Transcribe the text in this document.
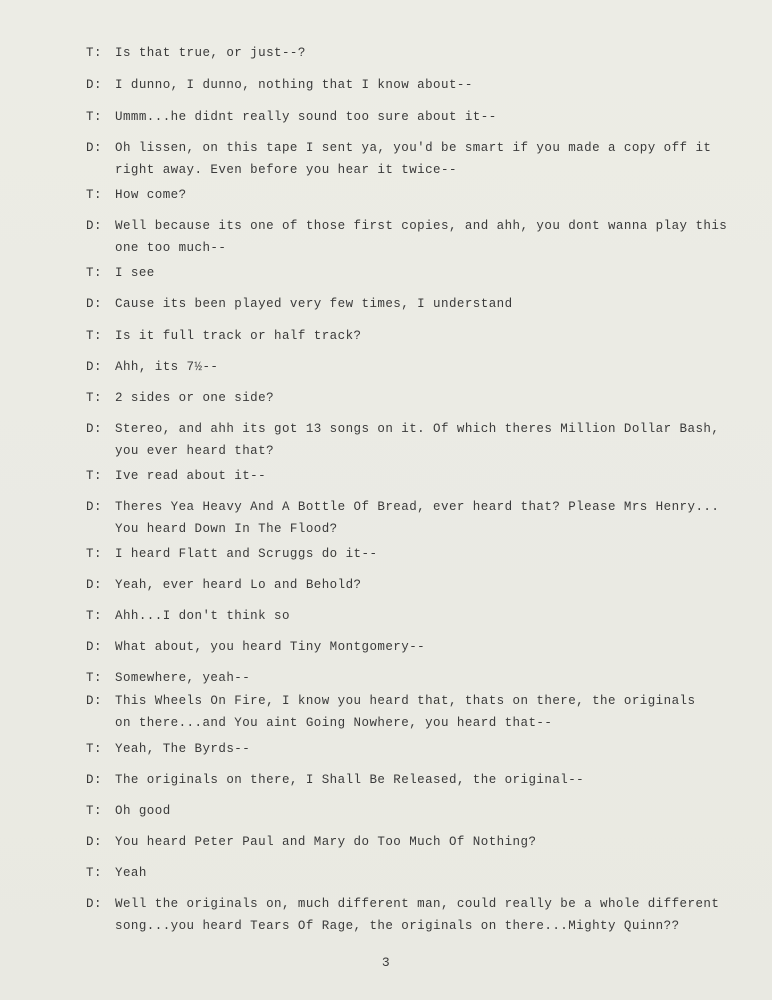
T: Is that true, or just--?
D: I dunno, I dunno, nothing that I know about--
T: Ummm...he didnt really sound too sure about it--
D: Oh lissen, on this tape I sent ya, you'd be smart if you made a copy off it
right away. Even before you hear it twice--
T: How come?
D: Well because its one of those first copies, and ahh, you dont wanna play this
one too much--
T: I see
D: Cause its been played very few times, I understand
T: Is it full track or half track?
D: Ahh, its 7½--
T: 2 sides or one side?
D: Stereo, and ahh its got 13 songs on it. Of which theres Million Dollar Bash,
you ever heard that?
T: Ive read about it--
D: Theres Yea Heavy And A Bottle Of Bread, ever heard that? Please Mrs Henry...
You heard Down In The Flood?
T: I heard Flatt and Scruggs do it--
D: Yeah, ever heard Lo and Behold?
T: Ahh...I don't think so
D: What about, you heard Tiny Montgomery--
T: Somewhere, yeah--
D: This Wheels On Fire, I know you heard that, thats on there, the originals
on there...and You aint Going Nowhere, you heard that--
T: Yeah, The Byrds--
D: The originals on there, I Shall Be Released, the original--
T: Oh good
D: You heard Peter Paul and Mary do Too Much Of Nothing?
T: Yeah
D: Well the originals on, much different man, could really be a whole different
song...you heard Tears Of Rage, the originals on there...Mighty Quinn??
3
